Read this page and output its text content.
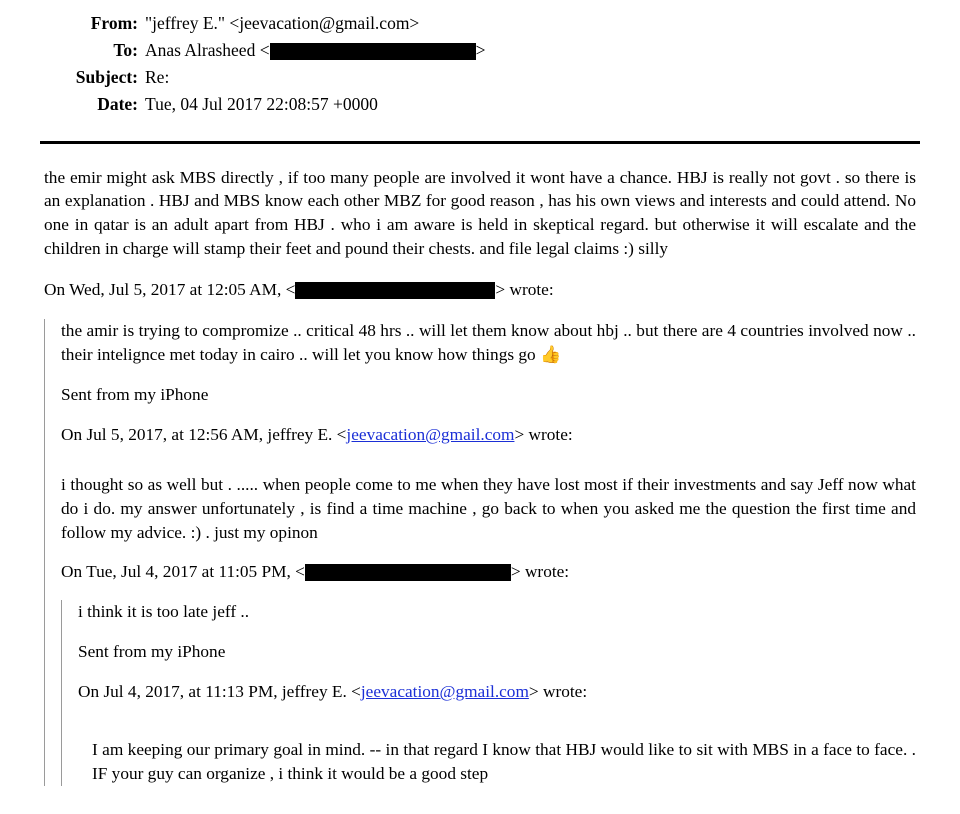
From: "jeffrey E." <jeevacation@gmail.com>
To: Anas Alrasheed <	>
Subject: Re:
Date: Tue, 04 Jul 2017 22:08:57 +0000

the emir might ask MBS directly , if too many people are involved it wont have a chance. HBJ is really not govt . so there is an explanation . HBJ and MBS know each other MBZ for good reason , has his own views and interests and could attend. No one in qatar is an adult apart from HBJ . who i am aware is held in skeptical regard. but otherwise it will escalate and the children in charge will stamp their feet and pound their chests. and file legal claims :) silly

On Wed, Jul 5, 2017 at 12:05 AM, <	> wrote:

the amir is trying to compromize .. critical 48 hrs .. will let them know about hbj .. but there are 4 countries involved now .. their intelignce met today in cairo .. will let you know how things go 👍

Sent from my iPhone

On Jul 5, 2017, at 12:56 AM, jeffrey E. <jeevacation@gmail.com> wrote:

i thought so as well but . ..... when people come to me when they have lost most if their investments and say Jeff now what do i do. my answer unfortunately , is find a time machine , go back to when you asked me the question the first time and follow my advice. :) . just my opinon

On Tue, Jul 4, 2017 at 11:05 PM, <	> wrote:

i think it is too late jeff ..

Sent from my iPhone

On Jul 4, 2017, at 11:13 PM, jeffrey E. <jeevacation@gmail.com> wrote:

I am keeping our primary goal in mind. -- in that regard I know that HBJ would like to sit with MBS in a face to face. . IF your guy can organize , i think it would be a good step
